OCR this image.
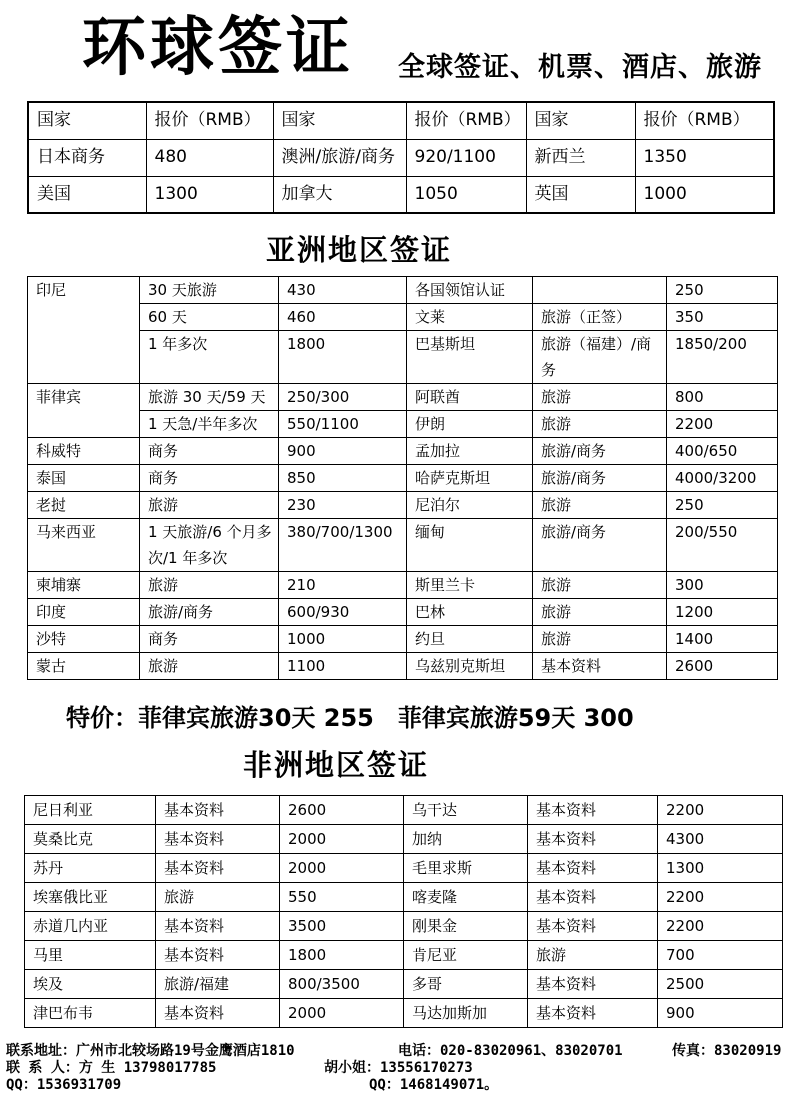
环球签证 全球签证、机票、酒店、旅游
国家	报价（RMB）	国家	报价（RMB）	国家	报价（RMB）
日本商务	480	澳洲/旅游/商务	920/1100	新西兰	1350
美国	1300	加拿大	1050	英国	1000
亚洲地区签证
印尼	30 天旅游	430	各国领馆认证		250
	60 天	460	文莱	旅游（正签）	350
	1 年多次	1800	巴基斯坦	旅游（福建）/商务	1850/200
菲律宾	旅游 30 天/59 天	250/300	阿联酋	旅游	800
	1 天急/半年多次	550/1100	伊朗	旅游	2200
科威特	商务	900	孟加拉	旅游/商务	400/650
泰国	商务	850	哈萨克斯坦	旅游/商务	4000/3200
老挝	旅游	230	尼泊尔	旅游	250
马来西亚	1 天旅游/6 个月多次/1 年多次	380/700/1300	缅甸	旅游/商务	200/550
柬埔寨	旅游	210	斯里兰卡	旅游	300
印度	旅游/商务	600/930	巴林	旅游	1200
沙特	商务	1000	约旦	旅游	1400
蒙古	旅游	1100	乌兹别克斯坦	基本资料	2600
特价：菲律宾旅游30天 255 菲律宾旅游59天 300
非洲地区签证
尼日利亚	基本资料	2600	乌干达	基本资料	2200
莫桑比克	基本资料	2000	加纳	基本资料	4300
苏丹	基本资料	2000	毛里求斯	基本资料	1300
埃塞俄比亚	旅游	550	喀麦隆	基本资料	2200
赤道几内亚	基本资料	3500	刚果金	基本资料	2200
马里	基本资料	1800	肯尼亚	旅游	700
埃及	旅游/福建	800/3500	多哥	基本资料	2500
津巴布韦	基本资料	2000	马达加斯加	基本资料	900
联系地址：广州市北较场路19号金鹰酒店1810	电话：020-83020961、83020701	传真：83020919
联 系 人：方 生 13798017785	胡小姐：13556170273
QQ：1536931709	QQ：1468149071。
